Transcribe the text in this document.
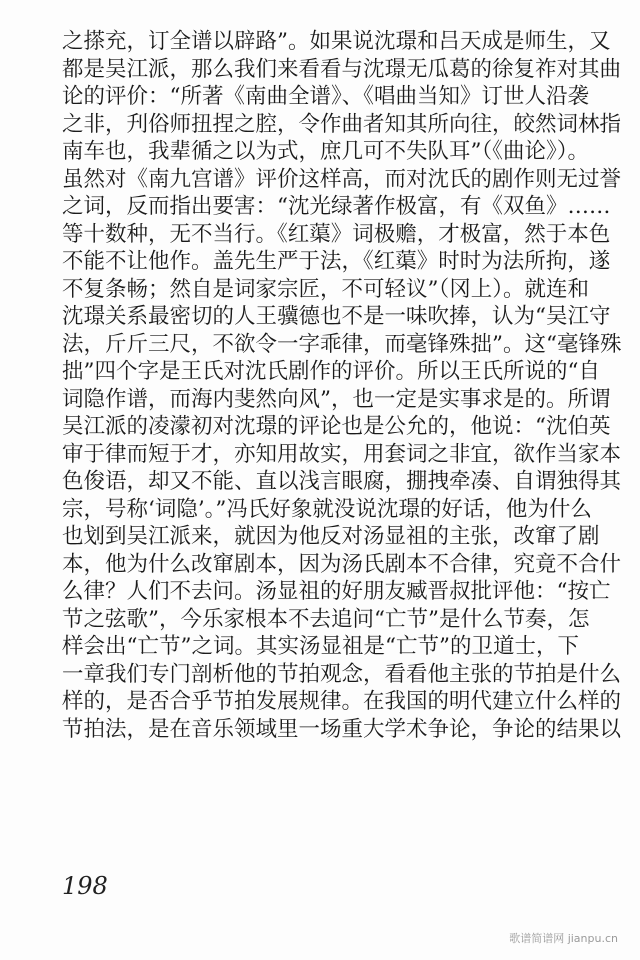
之搽充，订全谱以辟路”。如果说沈璟和吕天成是师生，又
都是吴江派，那么我们来看看与沈璟无瓜葛的徐复祚对其曲
论的评价：“所著《南曲全谱》、《唱曲当知》订世人沿袭
之非，刋俗师扭捏之腔，令作曲者知其所向往，皎然词林指
南车也，我辈循之以为式，庶几可不失队耳”（《曲论》）。
虽然对《南九宫谱》评价这样高，而对沈氏的剧作则无过誉
之词，反而指出要害：“沈光绿著作极富，有《双鱼》……
等十数种，无不当行。《红蕖》词极赡，才极富，然于本色
不能不让他作。盖先生严于法，《红蕖》时时为法所拘，遂
不复条畅；然自是词家宗匠，不可轻议”（冈上）。就连和
沈璟关系最密切的人王骥德也不是一味吹捧，认为“吴江守
法，斤斤三尺，不欲令一字乖律，而毫锋殊拙”。这“毫锋殊
拙”四个字是王氏对沈氏剧作的评价。所以王氏所说的“自
词隐作谱，而海内斐然向风”，也一定是实事求是的。所谓
吴江派的凌濛初对沈璟的评论也是公允的，他说：“沈伯英
审于律而短于才，亦知用故实，用套词之非宜，欲作当家本
色俊语，却又不能、直以浅言眼腐，掤拽牵凑、自谓独得其
宗，号称‘词隐’。”冯氏好象就没说沈璟的好话，他为什么
也划到吴江派来，就因为他反对汤显祖的主张，改窜了剧
本，他为什么改窜剧本，因为汤氏剧本不合律，究竟不合什
么律？人们不去问。汤显祖的好朋友臧晋叔批评他：“按亡
节之弦歌”，今乐家根本不去追问“亡节”是什么节奏，怎
样会出“亡节”之词。其实汤显祖是“亡节”的卫道士，下
一章我们专门剖析他的节拍观念，看看他主张的节拍是什么
样的，是否合乎节拍发展规律。在我国的明代建立什么样的
节拍法，是在音乐领域里一场重大学术争论，争论的结果以
198
歌谱简谱网 jianpu.cn
